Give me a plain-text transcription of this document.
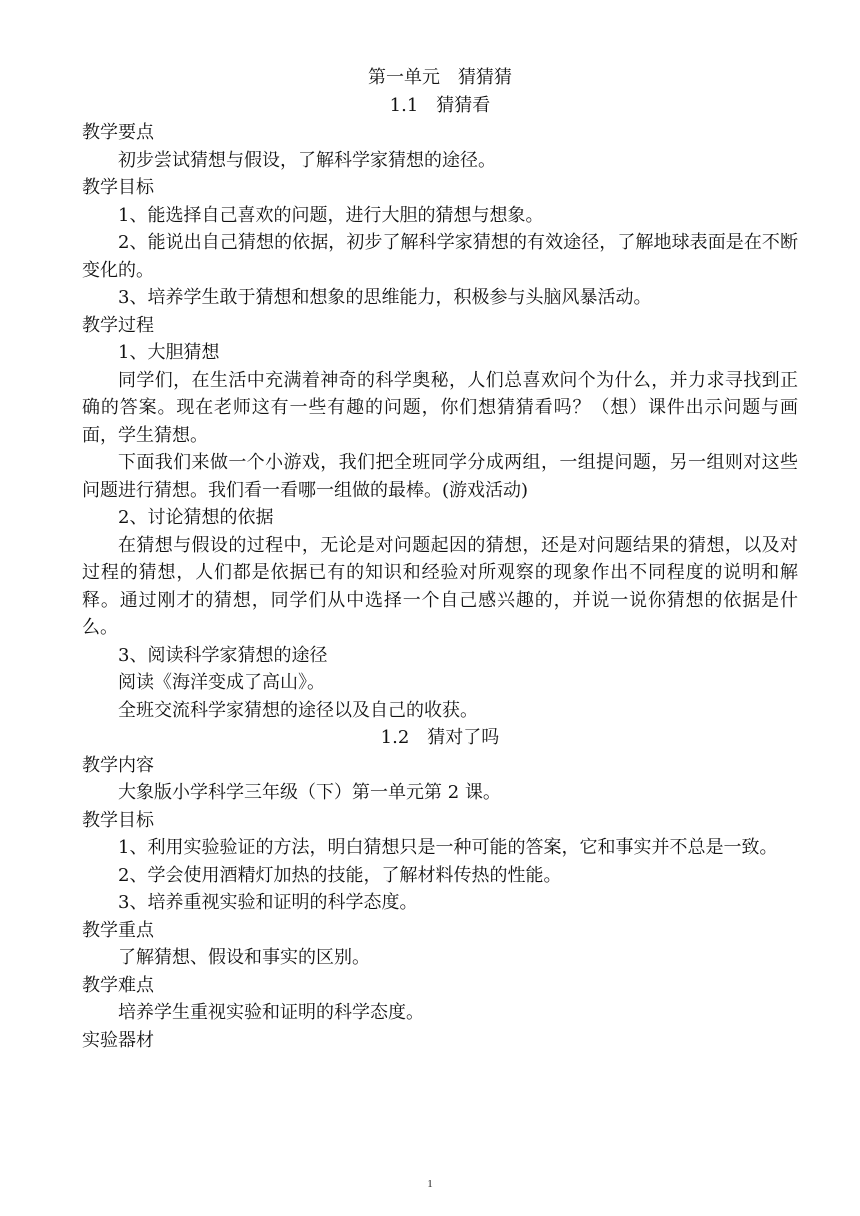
第一单元　猜猜猜

1.1　猜猜看

教学要点

初步尝试猜想与假设，了解科学家猜想的途径。

教学目标

1、能选择自己喜欢的问题，进行大胆的猜想与想象。

2、能说出自己猜想的依据，初步了解科学家猜想的有效途径，了解地球表面是在不断变化的。

3、培养学生敢于猜想和想象的思维能力，积极参与头脑风暴活动。

教学过程

1、大胆猜想

同学们，在生活中充满着神奇的科学奥秘，人们总喜欢问个为什么，并力求寻找到正确的答案。现在老师这有一些有趣的问题，你们想猜猜看吗？（想）课件出示问题与画面，学生猜想。

下面我们来做一个小游戏，我们把全班同学分成两组，一组提问题，另一组则对这些问题进行猜想。我们看一看哪一组做的最棒。(游戏活动)

2、讨论猜想的依据

在猜想与假设的过程中，无论是对问题起因的猜想，还是对问题结果的猜想，以及对过程的猜想，人们都是依据已有的知识和经验对所观察的现象作出不同程度的说明和解释。通过刚才的猜想，同学们从中选择一个自己感兴趣的，并说一说你猜想的依据是什么。

3、阅读科学家猜想的途径

阅读《海洋变成了高山》。

全班交流科学家猜想的途径以及自己的收获。

1.2　猜对了吗

教学内容

大象版小学科学三年级（下）第一单元第 2 课。

教学目标

1、利用实验验证的方法，明白猜想只是一种可能的答案，它和事实并不总是一致。

2、学会使用酒精灯加热的技能，了解材料传热的性能。

3、培养重视实验和证明的科学态度。

教学重点

了解猜想、假设和事实的区别。

教学难点

培养学生重视实验和证明的科学态度。

实验器材

1
